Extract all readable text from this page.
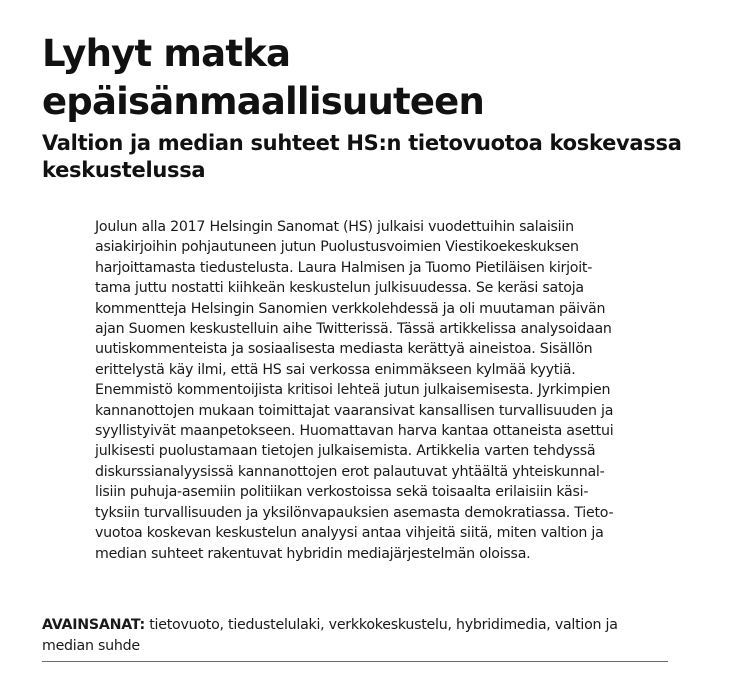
Lyhyt matka
epäisänmaallisuuteen
Valtion ja median suhteet HS:n tietovuotoa koskevassa
keskustelussa
Joulun alla 2017 Helsingin Sanomat (HS) julkaisi vuodettuihin salaisiin
asiakirjoihin pohjautuneen jutun Puolustusvoimien Viestikoekeskuksen
harjoittamasta tiedustelusta. Laura Halmisen ja Tuomo Pietiläisen kirjoit-
tama juttu nostatti kiihkeän keskustelun julkisuudessa. Se keräsi satoja
kommentteja Helsingin Sanomien verkkolehdessä ja oli muutaman päivän
ajan Suomen keskustelluin aihe Twitterissä. Tässä artikkelissa analysoidaan
uutiskommenteista ja sosiaalisesta mediasta kerättyä aineistoa. Sisällön
erittelystä käy ilmi, että HS sai verkossa enimmäkseen kylmää kyytiä.
Enemmistö kommentoijista kritisoi lehteä jutun julkaisemisesta. Jyrkimpien
kannanottojen mukaan toimittajat vaaransivat kansallisen turvallisuuden ja
syyllistyivät maanpetokseen. Huomattavan harva kantaa ottaneista asettui
julkisesti puolustamaan tietojen julkaisemista. Artikkelia varten tehdyssä
diskurssianalyysissä kannanottojen erot palautuvat yhtäältä yhteiskunnal-
lisiin puhuja-asemiin politiikan verkostoissa sekä toisaalta erilaisiin käsi-
tyksiin turvallisuuden ja yksilönvapauksien asemasta demokratiassa. Tieto-
vuotoa koskevan keskustelun analyysi antaa vihjeitä siitä, miten valtion ja
median suhteet rakentuvat hybridin mediajärjestelmän oloissa.
AVAINSANAT: tietovuoto, tiedustelulaki, verkkokeskustelu, hybridimedia, valtion ja
median suhde
